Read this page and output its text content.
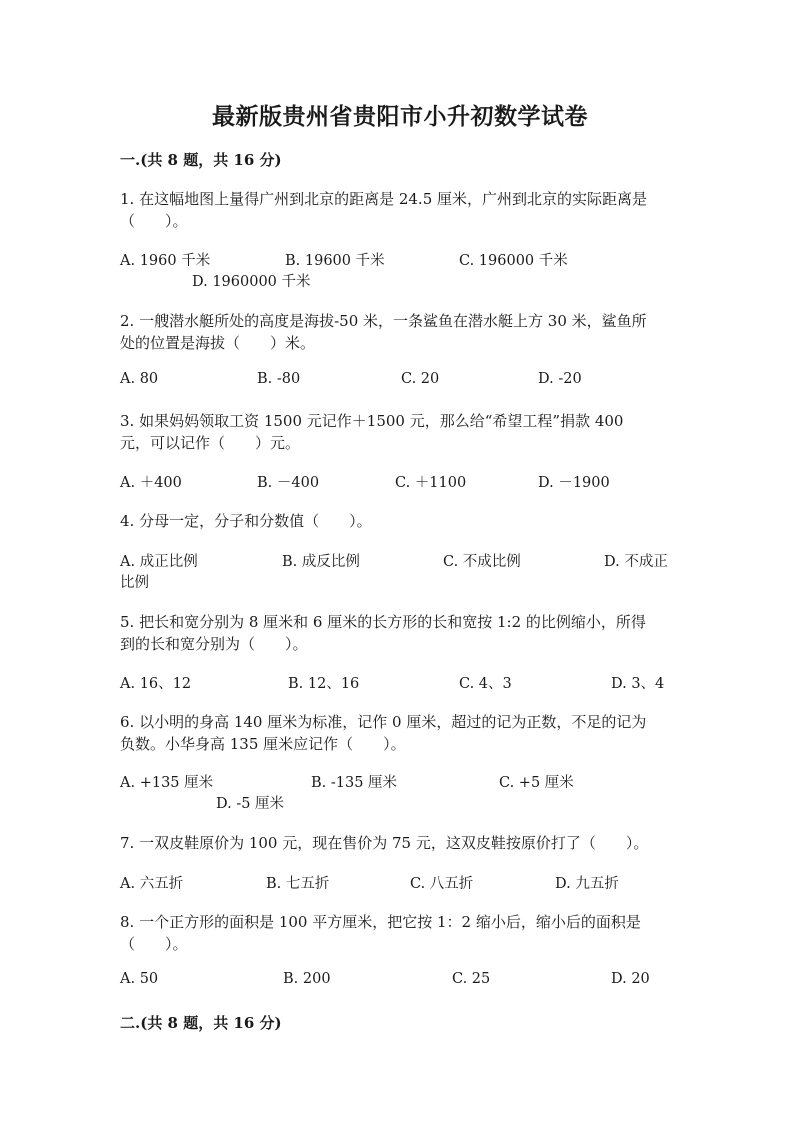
最新版贵州省贵阳市小升初数学试卷
一.(共 8 题，共 16 分)
1. 在这幅地图上量得广州到北京的距离是 24.5 厘米，广州到北京的实际距离是
（　　）。
A. 1960 千米	B. 19600 千米	C. 196000 千米
D. 1960000 千米
2. 一艘潜水艇所处的高度是海拔-50 米，一条鲨鱼在潜水艇上方 30 米，鲨鱼所
处的位置是海拔（　　）米。
A. 80	B. -80	C. 20	D. -20
3. 如果妈妈领取工资 1500 元记作＋1500 元，那么给“希望工程”捐款 400
元，可以记作（　　）元。
A. ＋400	B. －400	C. ＋1100	D. －1900
4. 分母一定，分子和分数值（　　）。
A. 成正比例	B. 成反比例	C. 不成比例	D. 不成正
比例
5. 把长和宽分别为 8 厘米和 6 厘米的长方形的长和宽按 1:2 的比例缩小，所得
到的长和宽分别为（　　）。
A. 16、12	B. 12、16	C. 4、3	D. 3、4
6. 以小明的身高 140 厘米为标准，记作 0 厘米，超过的记为正数，不足的记为
负数。小华身高 135 厘米应记作（　　）。
A. +135 厘米	B. -135 厘米	C. +5 厘米
D. -5 厘米
7. 一双皮鞋原价为 100 元，现在售价为 75 元，这双皮鞋按原价打了（　　）。
A. 六五折	B. 七五折	C. 八五折	D. 九五折
8. 一个正方形的面积是 100 平方厘米，把它按 1：2 缩小后，缩小后的面积是
（　　）。
A. 50	B. 200	C. 25	D. 20
二.(共 8 题，共 16 分)
